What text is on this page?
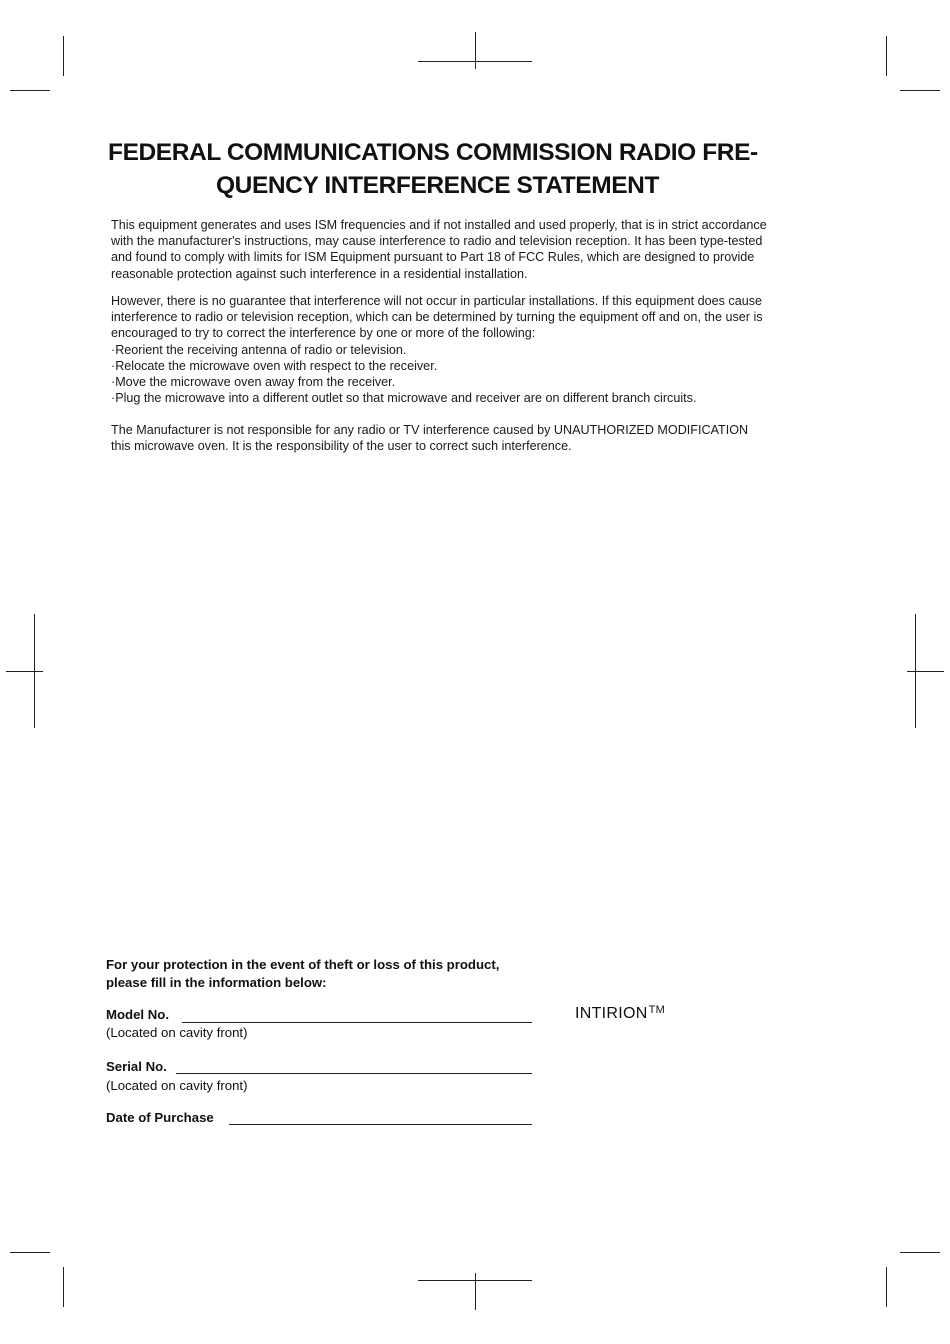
FEDERAL COMMUNICATIONS COMMISSION RADIO FRE-
QUENCY INTERFERENCE STATEMENT
This equipment generates and uses ISM frequencies and if not installed and used properly, that is in strict accordance
with the manufacturer's instructions, may cause interference to radio and television reception. It has been type-tested
and found to comply with limits for ISM Equipment pursuant to Part 18 of FCC Rules, which are designed to provide
reasonable protection against such interference in a residential installation.
However, there is no guarantee that interference will not occur in particular installations. If this equipment does cause
interference to radio or television reception, which can be determined by turning the equipment off and on, the user is
encouraged to try to correct the interference by one or more of the following:
·Reorient the receiving antenna of radio or television.
·Relocate the microwave oven with respect to the receiver.
·Move the microwave oven away from the receiver.
·Plug the microwave into a different outlet so that microwave and receiver are on different branch circuits.
The Manufacturer is not responsible for any radio or TV interference caused by UNAUTHORIZED MODIFICATION
this microwave oven. It is the responsibility of the user to correct such interference.
For your protection in the event of theft or loss of this product,
please fill in the information below:
Model No.
(Located on cavity front)
Serial No.
(Located on cavity front)
Date of Purchase
INTIRION™
